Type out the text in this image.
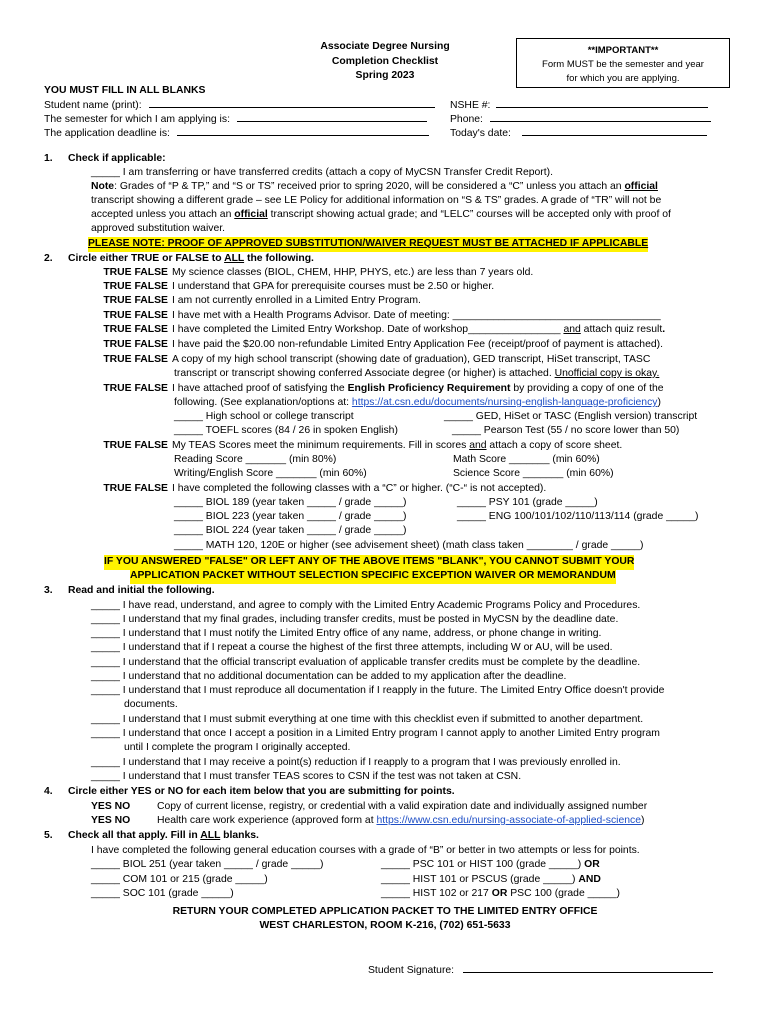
Associate Degree Nursing
Completion Checklist
Spring 2023
**IMPORTANT**
Form MUST be the semester and year
for which you are applying.
YOU MUST FILL IN ALL BLANKS
Student name (print):
The semester for which I am applying is:
The application deadline is:
NSHE #:
Phone:
Today's date:
1. Check if applicable:
_____ I am transferring or have transferred credits (attach a copy of MyCSN Transfer Credit Report).
Note: Grades of “P & TP,” and “S or TS” received prior to spring 2020, will be considered a “C” unless you attach an official
transcript showing a different grade – see LE Policy for additional information on “S & TS” grades. A grade of “TR” will not be
accepted unless you attach an official transcript showing actual grade; and “LELC” courses will be accepted only with proof of
approved substitution waiver.
PLEASE NOTE: PROOF OF APPROVED SUBSTITUTION/WAIVER REQUEST MUST BE ATTACHED IF APPLICABLE
2. Circle either TRUE or FALSE to ALL the following.
TRUE FALSE My science classes (BIOL, CHEM, HHP, PHYS, etc.) are less than 7 years old.
TRUE FALSE I understand that GPA for prerequisite courses must be 2.50 or higher.
TRUE FALSE I am not currently enrolled in a Limited Entry Program.
TRUE FALSE I have met with a Health Programs Advisor. Date of meeting: ____________________________________
TRUE FALSE I have completed the Limited Entry Workshop. Date of workshop________________ and attach quiz result.
TRUE FALSE I have paid the $20.00 non-refundable Limited Entry Application Fee (receipt/proof of payment is attached).
TRUE FALSE A copy of my high school transcript (showing date of graduation), GED transcript, HiSet transcript, TASC
transcript or transcript showing conferred Associate degree (or higher) is attached. Unofficial copy is okay.
TRUE FALSE I have attached proof of satisfying the English Proficiency Requirement by providing a copy of one of the
following. (See explanation/options at: https://at.csn.edu/documents/nursing-english-language-proficiency)
_____ High school or college transcript	_____ GED, HiSet or TASC (English version) transcript
_____ TOEFL scores (84 / 26 in spoken English)	_____ Pearson Test (55 / no score lower than 50)
TRUE FALSE My TEAS Scores meet the minimum requirements. Fill in scores and attach a copy of score sheet.
Reading Score _______ (min 80%)	Math Score _______ (min 60%)
Writing/English Score _______ (min 60%)	Science Score _______ (min 60%)
TRUE FALSE I have completed the following classes with a “C” or higher. (“C-“ is not accepted).
_____ BIOL 189 (year taken _____ / grade _____)	_____ PSY 101 (grade _____)
_____ BIOL 223 (year taken _____ / grade _____)	_____ ENG 100/101/102/110/113/114 (grade _____)
_____ BIOL 224 (year taken _____ / grade _____)
_____ MATH 120, 120E or higher (see advisement sheet) (math class taken ________ / grade _____)
IF YOU ANSWERED "FALSE" OR LEFT ANY OF THE ABOVE ITEMS "BLANK", YOU CANNOT SUBMIT YOUR
APPLICATION PACKET WITHOUT SELECTION SPECIFIC EXCEPTION WAIVER OR MEMORANDUM
3. Read and initial the following.
_____ I have read, understand, and agree to comply with the Limited Entry Academic Programs Policy and Procedures.
_____ I understand that my final grades, including transfer credits, must be posted in MyCSN by the deadline date.
_____ I understand that I must notify the Limited Entry office of any name, address, or phone change in writing.
_____ I understand that if I repeat a course the highest of the first three attempts, including W or AU, will be used.
_____ I understand that the official transcript evaluation of applicable transfer credits must be complete by the deadline.
_____ I understand that no additional documentation can be added to my application after the deadline.
_____ I understand that I must reproduce all documentation if I reapply in the future. The Limited Entry Office doesn't provide
documents.
_____ I understand that I must submit everything at one time with this checklist even if submitted to another department.
_____ I understand that once I accept a position in a Limited Entry program I cannot apply to another Limited Entry program
until I complete the program I originally accepted.
_____ I understand that I may receive a point(s) reduction if I reapply to a program that I was previously enrolled in.
_____ I understand that I must transfer TEAS scores to CSN if the test was not taken at CSN.
4. Circle either YES or NO for each item below that you are submitting for points.
YES NO	Copy of current license, registry, or credential with a valid expiration date and individually assigned number
YES NO	Health care work experience (approved form at https://www.csn.edu/nursing-associate-of-applied-science)
5. Check all that apply. Fill in ALL blanks.
I have completed the following general education courses with a grade of “B” or better in two attempts or less for points.
_____ BIOL 251 (year taken _____ / grade _____)	_____ PSC 101 or HIST 100 (grade _____) OR
_____ COM 101 or 215 (grade _____)	_____ HIST 101 or PSCUS (grade _____) AND
_____ SOC 101 (grade _____)	_____ HIST 102 or 217 OR PSC 100 (grade _____)
RETURN YOUR COMPLETED APPLICATION PACKET TO THE LIMITED ENTRY OFFICE
WEST CHARLESTON, ROOM K-216, (702) 651-5633
Student Signature:
